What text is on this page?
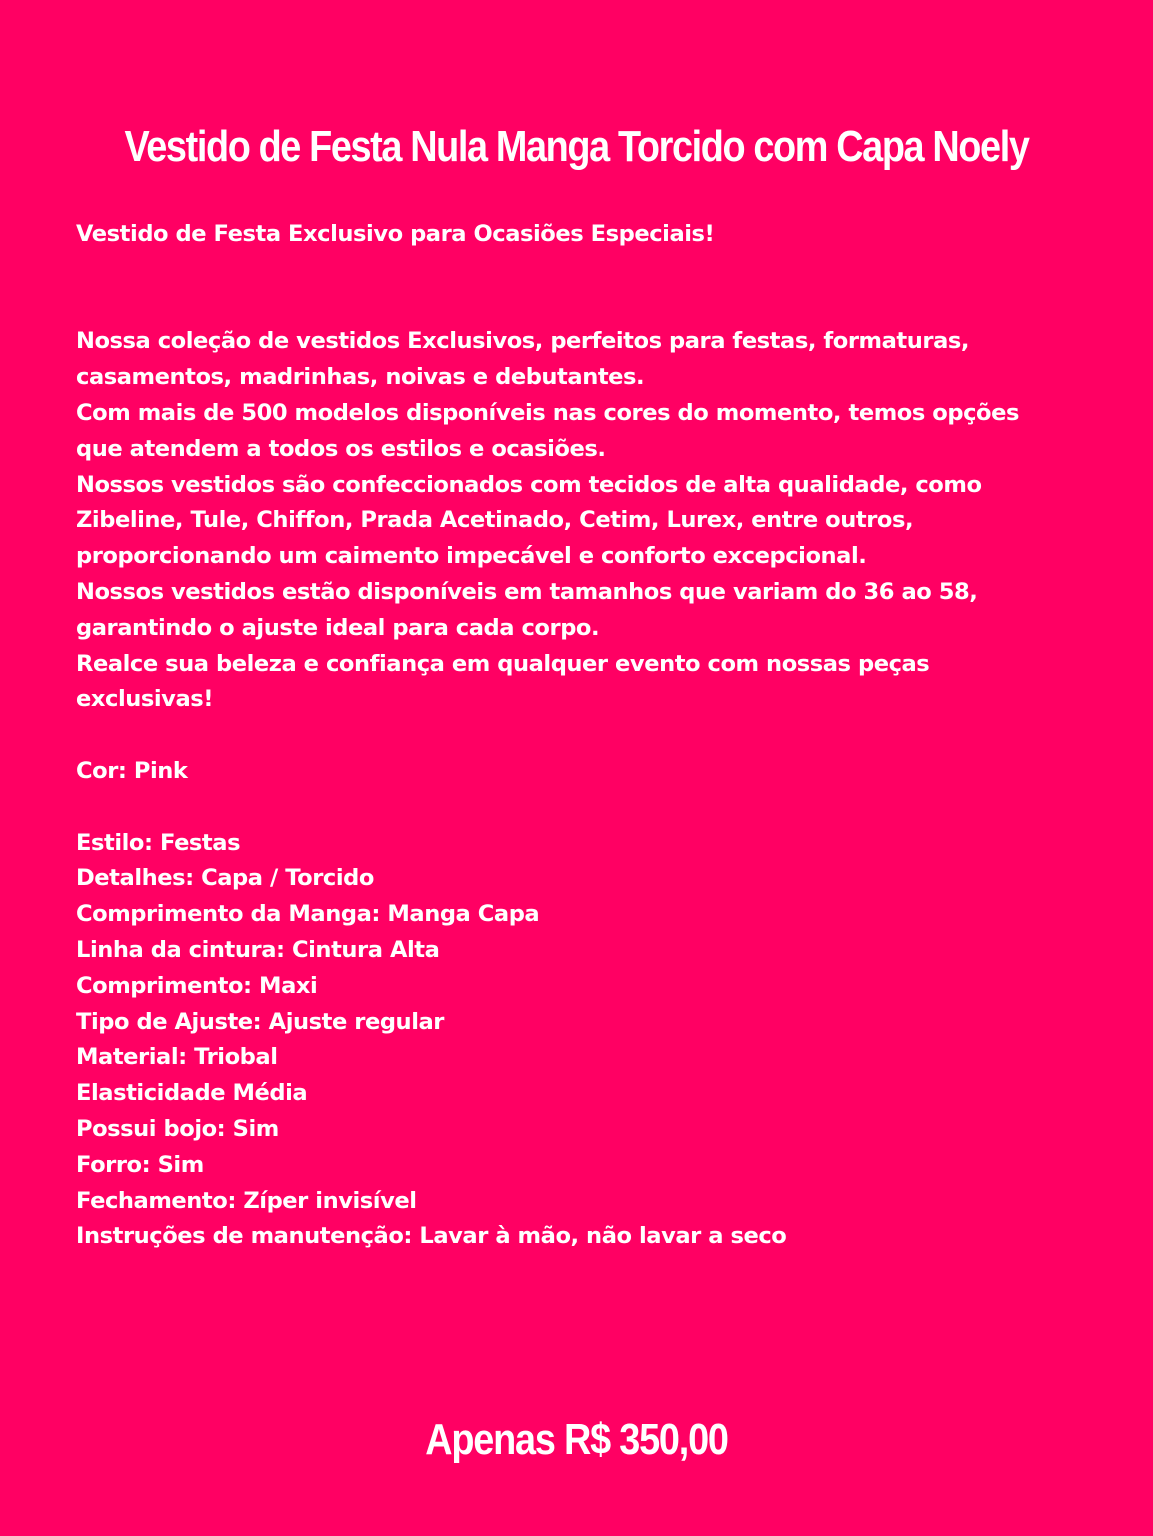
Vestido de Festa Nula Manga Torcido com Capa Noely
Vestido de Festa Exclusivo para Ocasiões Especiais!
Nossa coleção de vestidos Exclusivos, perfeitos para festas, formaturas,
casamentos, madrinhas, noivas e debutantes.
Com mais de 500 modelos disponíveis nas cores do momento, temos opções
que atendem a todos os estilos e ocasiões.
Nossos vestidos são confeccionados com tecidos de alta qualidade, como
Zibeline, Tule, Chiffon, Prada Acetinado, Cetim, Lurex, entre outros,
proporcionando um caimento impecável e conforto excepcional.
Nossos vestidos estão disponíveis em tamanhos que variam do 36 ao 58,
garantindo o ajuste ideal para cada corpo.
Realce sua beleza e confiança em qualquer evento com nossas peças
exclusivas!
Cor: Pink
Estilo: Festas
Detalhes: Capa / Torcido
Comprimento da Manga: Manga Capa
Linha da cintura: Cintura Alta
Comprimento: Maxi
Tipo de Ajuste: Ajuste regular
Material: Triobal
Elasticidade Média
Possui bojo: Sim
Forro: Sim
Fechamento: Zíper invisível
Instruções de manutenção: Lavar à mão, não lavar a seco
Apenas R$ 350,00
